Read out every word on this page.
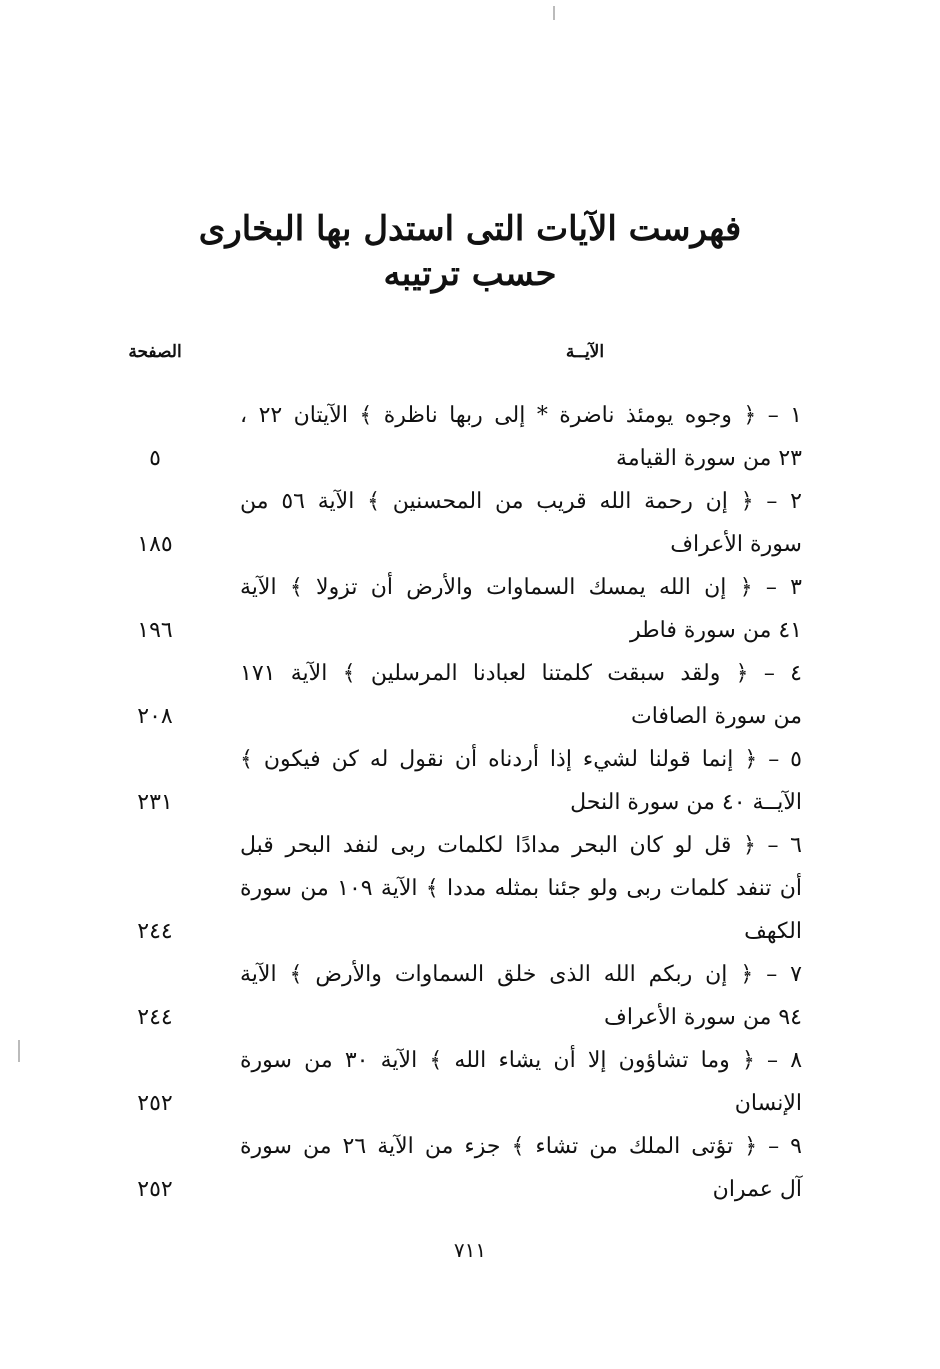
فهرست الآيات التى استدل بها البخارى
حسب ترتيبه
الآيــة
الصفحة
١ – ﴿ وجوه يومئذ ناضرة * إلى ربها ناظرة ﴾ الآيتان ٢٢ ،
٢٣ من سورة القيامة
٥
٢ – ﴿ إن رحمة الله قريب من المحسنين ﴾ الآية ٥٦ من
سورة الأعراف
١٨٥
٣ – ﴿ إن الله يمسك السماوات والأرض أن تزولا ﴾ الآية
٤١ من سورة فاطر
١٩٦
٤ – ﴿ ولقد سبقت كلمتنا لعبادنا المرسلين ﴾ الآية ١٧١
من سورة الصافات
٢٠٨
٥ – ﴿ إنما قولنا لشيء إذا أردناه أن نقول له كن فيكون ﴾
الآيــة ٤٠ من سورة النحل
٢٣١
٦ – ﴿ قل لو كان البحر مدادًا لكلمات ربى لنفد البحر قبل
أن تنفد كلمات ربى ولو جئنا بمثله مددا ﴾ الآية ١٠٩ من سورة
الكهف
٢٤٤
٧ – ﴿ إن ربكم الله الذى خلق السماوات والأرض ﴾ الآية
٩٤ من سورة الأعراف
٢٤٤
٨ – ﴿ وما تشاؤون إلا أن يشاء الله ﴾ الآية ٣٠ من سورة
الإنسان
٢٥٢
٩ – ﴿ تؤتى الملك من تشاء ﴾ جزء من الآية ٢٦ من سورة
آل عمران
٢٥٢
٧١١
